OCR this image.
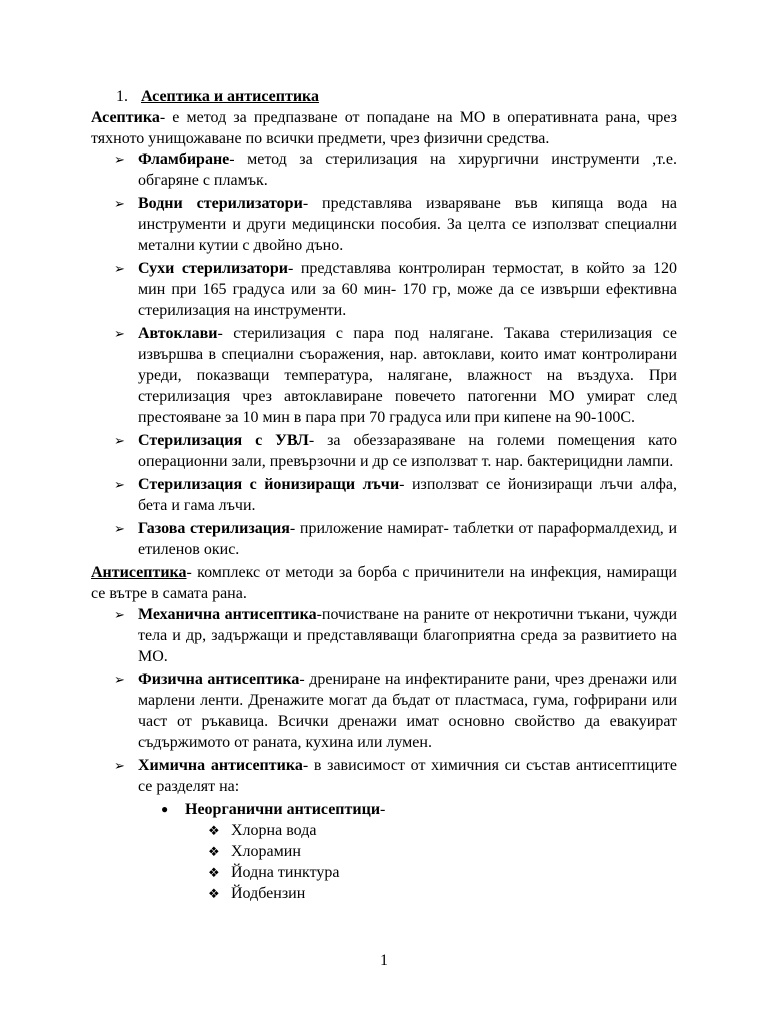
1. Асептика и антисептика

Асептика- е метод за предпазване от попадане на МО в оперативната рана, чрез тяхното унищожаване по всички предмети, чрез физични средства.

➢ Фламбиране- метод за стерилизация на хирургични инструменти ,т.е. обгаряне с пламък.
➢ Водни стерилизатори- представлява изваряване във кипяща вода на инструменти и други медицински пособия. За целта се използват специални метални кутии с двойно дъно.
➢ Сухи стерилизатори- представлява контролиран термостат, в който за 120 мин при 165 градуса или за 60 мин- 170 гр, може да се извърши ефективна стерилизация на инструменти.
➢ Автоклави- стерилизация с пара под налягане. Такава стерилизация се извършва в специални съоражения, нар. автоклави, които имат контролирани уреди, показващи температура, налягане, влажност на въздуха. При стерилизация чрез автоклавиране повечето патогенни МО умират след престояване за 10 мин в пара при 70 градуса или при кипене на 90-100С.
➢ Стерилизация с УВЛ- за обеззаразяване на големи помещения като операционни зали, превързочни и др се използват т. нар. бактерицидни лампи.
➢ Стерилизация с йонизиращи лъчи- използват се йонизиращи лъчи алфа, бета и гама лъчи.
➢ Газова стерилизация- приложение намират- таблетки от параформалдехид, и етиленов окис.

Антисептика- комплекс от методи за борба с причинители на инфекция, намиращи се вътре в самата рана.

➢ Механична антисептика-почистване на раните от некротични тъкани, чужди тела и др, задържащи и представляващи благоприятна среда за развитието на МО.
➢ Физична антисептика- дрениране на инфектираните рани, чрез дренажи или марлени ленти. Дренажите могат да бъдат от пластмаса, гума, гофрирани или част от ръкавица. Всички дренажи имат основно свойство да евакуират съдържимото от раната, кухина или лумен.
➢ Химична антисептика- в зависимост от химичния си състав антисептиците се разделят на:
● Неорганични антисептици-
❖ Хлорна вода
❖ Хлорамин
❖ Йодна тинктура
❖ Йодбензин
1
